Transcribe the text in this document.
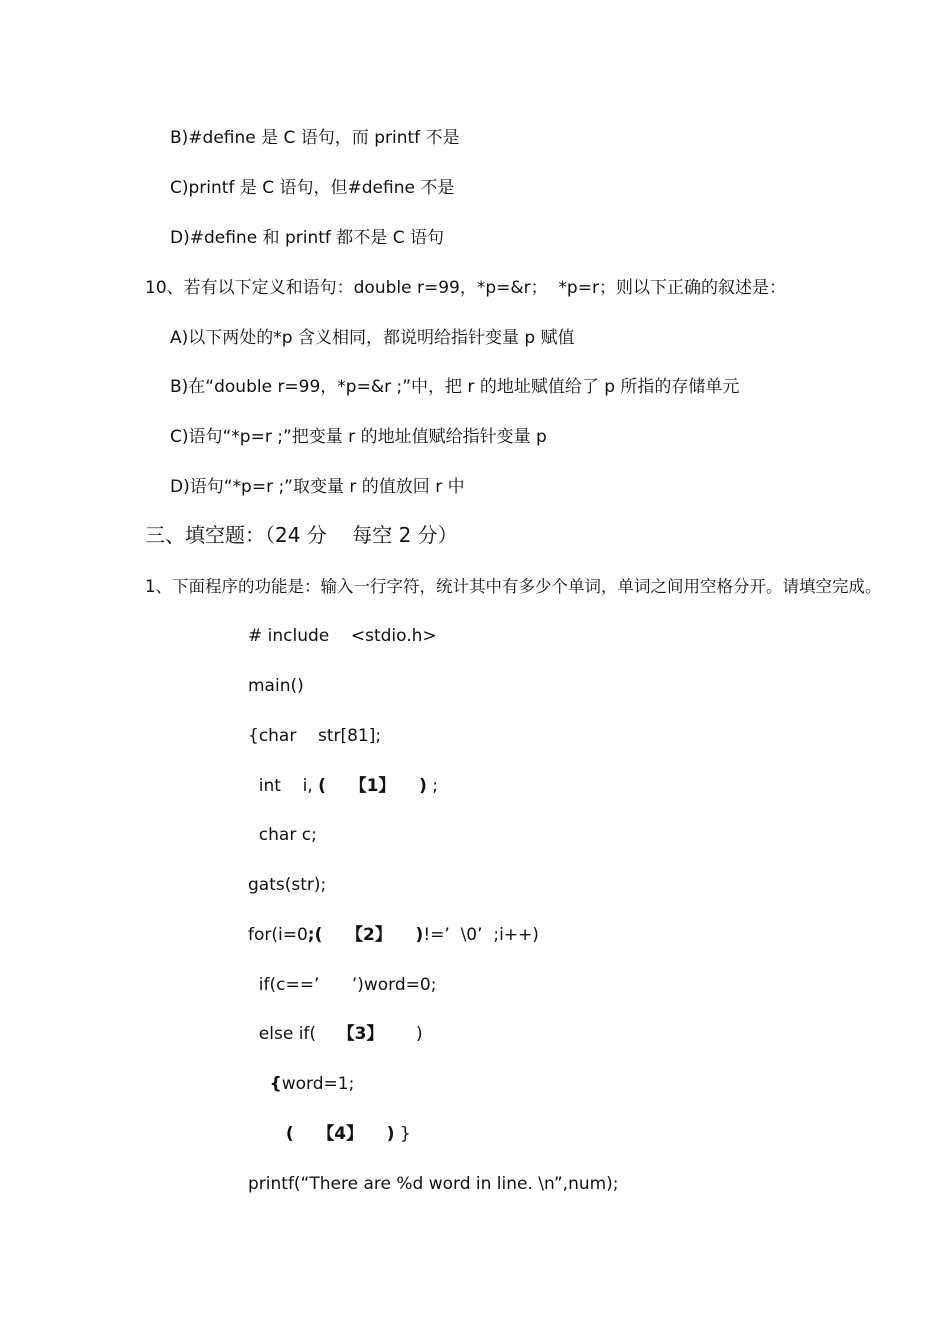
B)#define 是 C 语句，而 printf 不是
C)printf 是 C 语句，但#define 不是
D)#define 和 printf 都不是 C 语句
10、若有以下定义和语句：double r=99，*p=&r；  *p=r；则以下正确的叙述是：
A)以下两处的*p 含义相同，都说明给指针变量 p 赋值
B)在“double r=99，*p=&r ;”中，把 r 的地址赋值给了 p 所指的存储单元
C)语句“*p=r ;”把变量 r 的地址值赋给指针变量 p
D)语句“*p=r ;”取变量 r 的值放回 r 中
三、填空题：（24 分    每空 2 分）
1、下面程序的功能是：输入一行字符，统计其中有多少个单词，单词之间用空格分开。请填空完成。
# include    <stdio.h>
main()
{char    str[81];
int    i, (    【1】    ) ;
char c;
gats(str);
for(i=0;(    【2】    )!=’  \0’  ;i++)
if(c==’      ’)word=0;
else if(    【3】      )
{word=1;
(    【4】    ) }
printf(“There are %d word in line. \n”,num);
